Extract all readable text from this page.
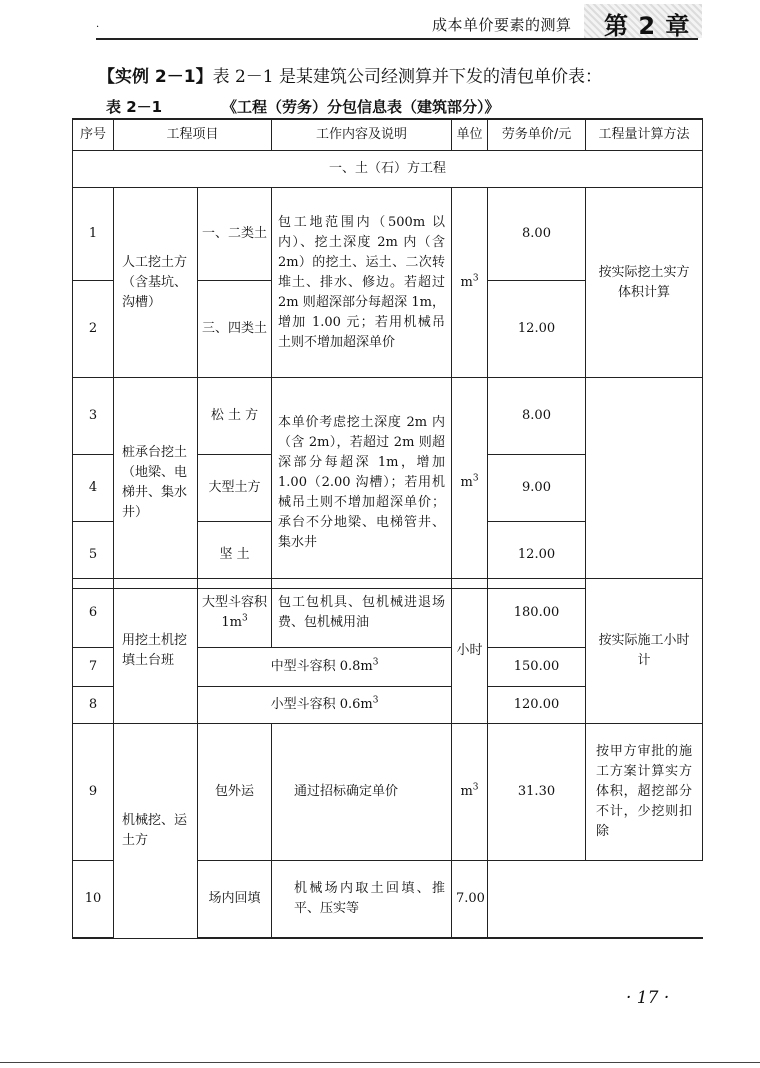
·	成本单价要素的测算 第 2 章
【实例 2－1】表 2－1 是某建筑公司经测算并下发的清包单价表：
表 2－1	《工程（劳务）分包信息表（建筑部分）》
序号	工程项目		工作内容及说明	单位	劳务单价/元	工程量计算方法
一、土（石）方工程						
1	人工挖土方（含基坑、沟槽）	一、二类土	包工地范围内（500m 以内）、挖土深度 2m 内（含 2m）的挖土、运土、二次转堆土、排水、修边。若超过 2m 则超深部分每超深 1m，增加 1.00 元；若用机械吊土则不增加超深单价	$m^3$	8.00	按实际挖土实方体积计算
2		三、四类土			12.00	
3	桩承台挖土（地梁、电梯井、集水井）	松 土 方	本单价考虑挖土深度 2m 内（含 2m），若超过 2m 则超深部分每超深 1m，增加 1.00（2.00 沟槽）；若用机械吊土则不增加超深单价；承台不分地梁、电梯管井、集水井	$m^3$	8.00	
4		大型土方			9.00	
5		坚 土			12.00	
6	用挖土机挖填土台班	大型斗容积 $1m^3$	包工包机具、包机械进退场费、包机械用油	小时	180.00	按实际施工小时计
7		中型斗容积 $0.8m^3$			150.00	
8		小型斗容积 $0.6m^3$			120.00	
9	机械挖、运土方	包外运	通过招标确定单价	$m^3$	31.30	按甲方审批的施工方案计算实方体积，超挖部分不计，少挖则扣除
10		场内回填	机械场内取土回填、推平、压实等	7.00		
· 17 ·
